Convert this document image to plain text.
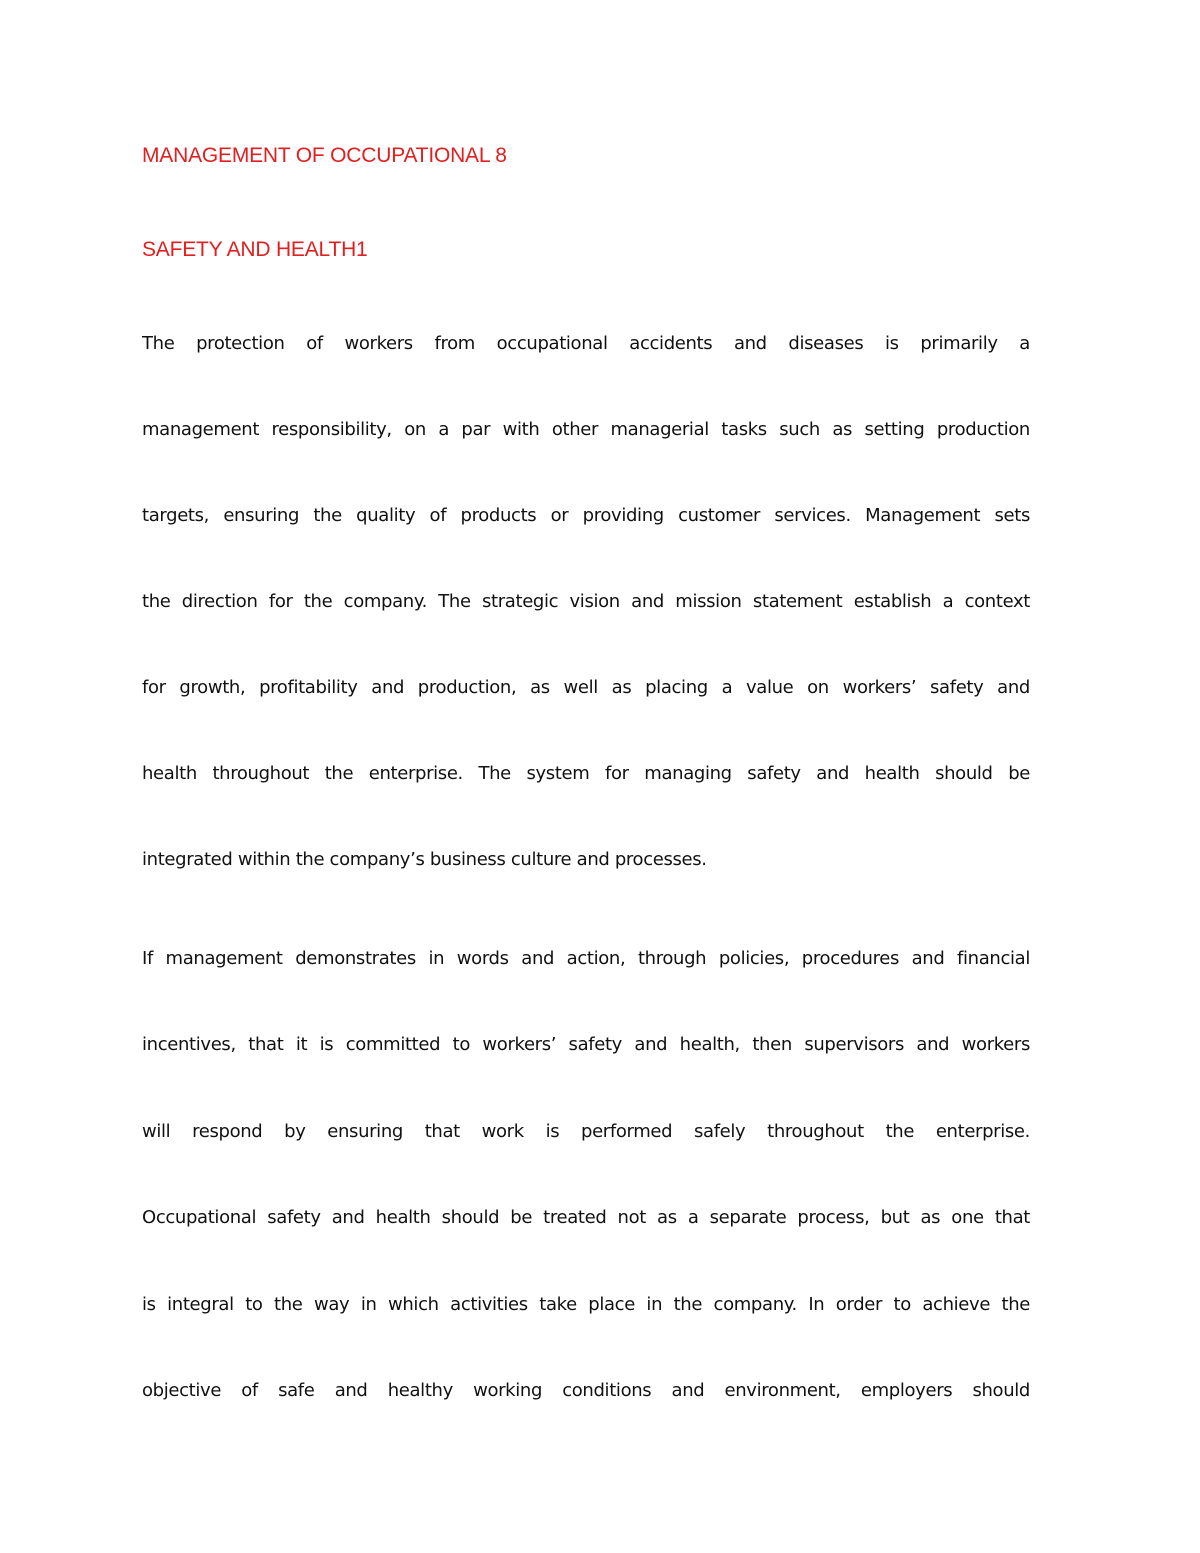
MANAGEMENT OF OCCUPATIONAL 8
SAFETY AND HEALTH1

The protection of workers from occupational accidents and diseases is primarily a

management responsibility, on a par with other managerial tasks such as setting production

targets, ensuring the quality of products or providing customer services. Management sets

the direction for the company. The strategic vision and mission statement establish a context

for growth, profitability and production, as well as placing a value on workers’ safety and

health throughout the enterprise. The system for managing safety and health should be

integrated within the company’s business culture and processes.

If management demonstrates in words and action, through policies, procedures and financial

incentives, that it is committed to workers’ safety and health, then supervisors and workers

will respond by ensuring that work is performed safely throughout the enterprise.

Occupational safety and health should be treated not as a separate process, but as one that

is integral to the way in which activities take place in the company. In order to achieve the

objective of safe and healthy working conditions and environment, employers should
